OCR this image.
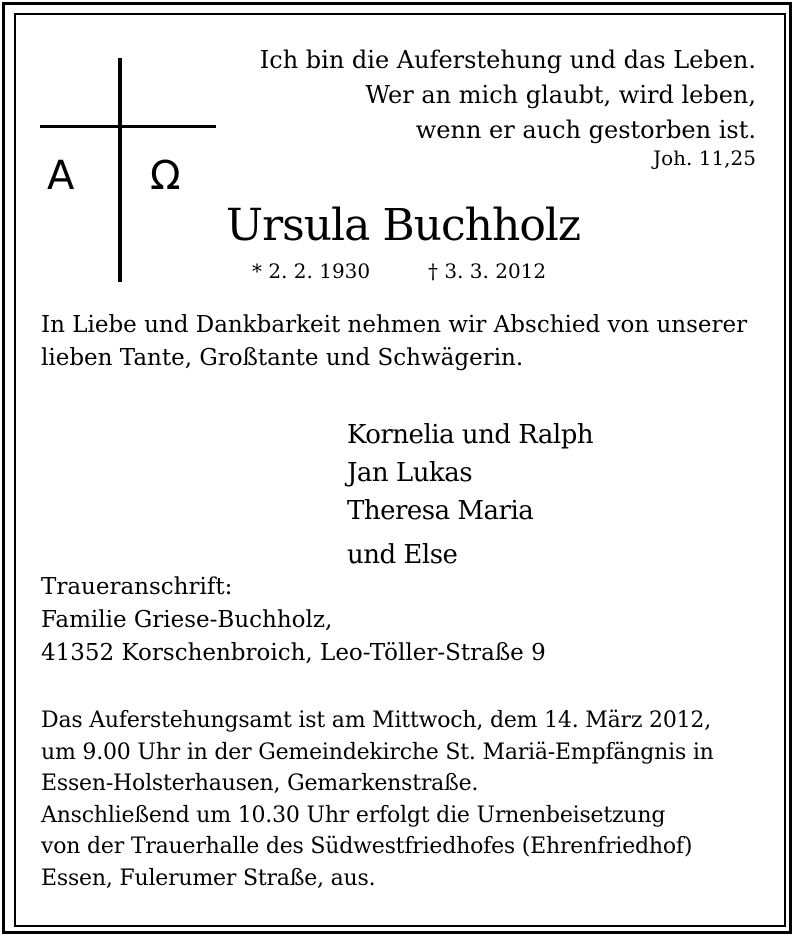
A Ω
Ich bin die Auferstehung und das Leben.
Wer an mich glaubt, wird leben,
wenn er auch gestorben ist.
Joh. 11,25
Ursula Buchholz
* 2. 2. 1930	† 3. 3. 2012
In Liebe und Dankbarkeit nehmen wir Abschied von unserer
lieben Tante, Großtante und Schwägerin.
Kornelia und Ralph
Jan Lukas
Theresa Maria
und Else
Traueranschrift:
Familie Griese-Buchholz,
41352 Korschenbroich, Leo-Töller-Straße 9
Das Auferstehungsamt ist am Mittwoch, dem 14. März 2012,
um 9.00 Uhr in der Gemeindekirche St. Mariä-Empfängnis in
Essen-Holsterhausen, Gemarkenstraße.
Anschließend um 10.30 Uhr erfolgt die Urnenbeisetzung
von der Trauerhalle des Südwestfriedhofes (Ehrenfriedhof)
Essen, Fulerumer Straße, aus.
